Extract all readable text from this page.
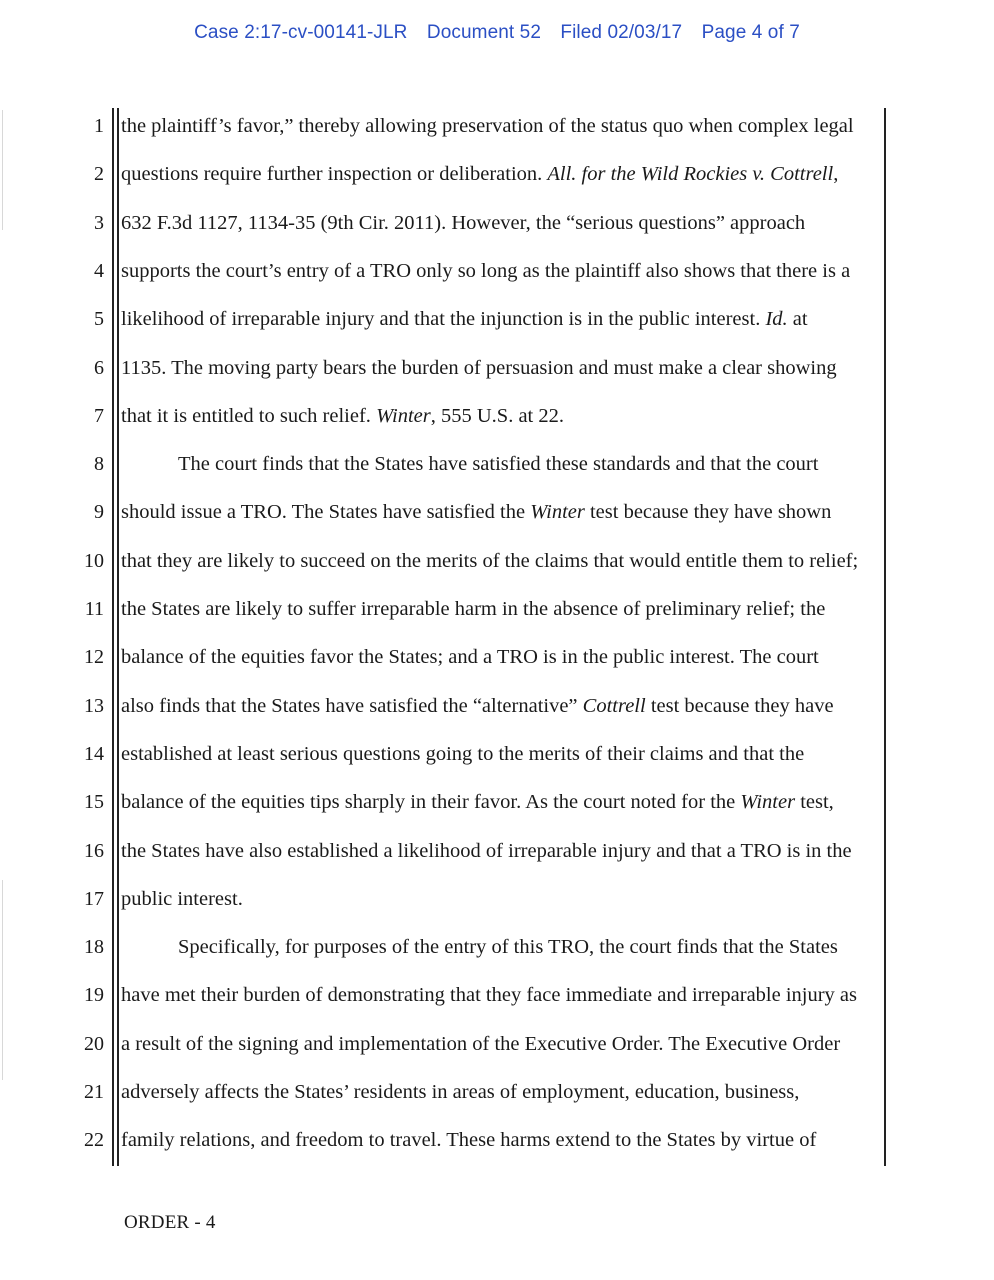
Case 2:17-cv-00141-JLR Document 52 Filed 02/03/17 Page 4 of 7
1
2
3
4
5
6
7
8
9
10
11
12
13
14
15
16
17
18
19
20
21
22
the plaintiff’s favor,” thereby allowing preservation of the status quo when complex legal
questions require further inspection or deliberation. All. for the Wild Rockies v. Cottrell,
632 F.3d 1127, 1134-35 (9th Cir. 2011). However, the “serious questions” approach
supports the court’s entry of a TRO only so long as the plaintiff also shows that there is a
likelihood of irreparable injury and that the injunction is in the public interest. Id. at
1135. The moving party bears the burden of persuasion and must make a clear showing
that it is entitled to such relief. Winter, 555 U.S. at 22.
The court finds that the States have satisfied these standards and that the court
should issue a TRO. The States have satisfied the Winter test because they have shown
that they are likely to succeed on the merits of the claims that would entitle them to relief;
the States are likely to suffer irreparable harm in the absence of preliminary relief; the
balance of the equities favor the States; and a TRO is in the public interest. The court
also finds that the States have satisfied the “alternative” Cottrell test because they have
established at least serious questions going to the merits of their claims and that the
balance of the equities tips sharply in their favor. As the court noted for the Winter test,
the States have also established a likelihood of irreparable injury and that a TRO is in the
public interest.
Specifically, for purposes of the entry of this TRO, the court finds that the States
have met their burden of demonstrating that they face immediate and irreparable injury as
a result of the signing and implementation of the Executive Order. The Executive Order
adversely affects the States’ residents in areas of employment, education, business,
family relations, and freedom to travel. These harms extend to the States by virtue of
ORDER - 4
